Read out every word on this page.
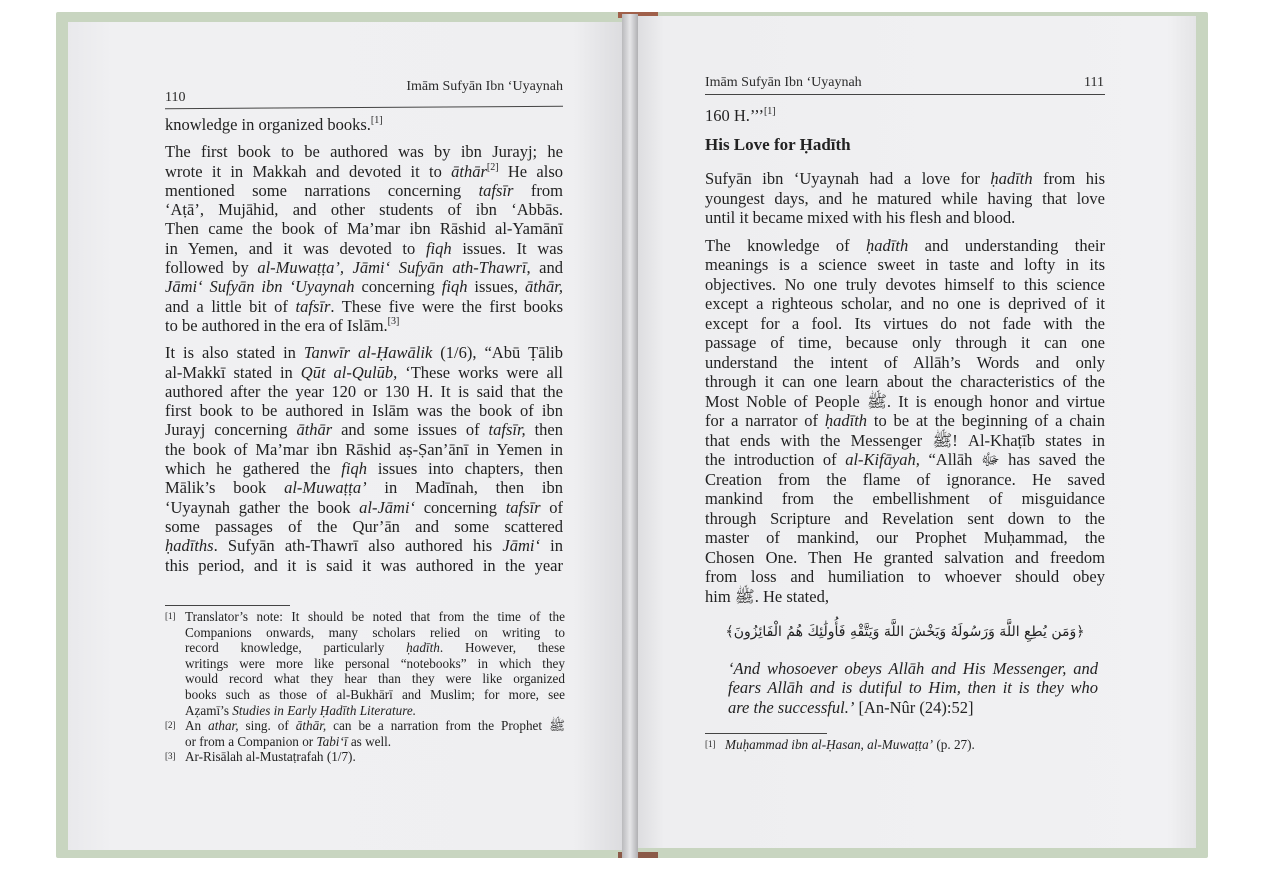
110
Imām Sufyān Ibn ‘Uyaynah
knowledge in organized books.[1]
The first book to be authored was by ibn Jurayj; he
wrote it in Makkah and devoted it to āthār[2] He also
mentioned some narrations concerning tafsīr from
‘Aṭā’, Mujāhid, and other students of ibn ‘Abbās.
Then came the book of Ma’mar ibn Rāshid al-Yamānī
in Yemen, and it was devoted to fiqh issues. It was
followed by al-Muwaṭṭa’, Jāmi‘ Sufyān ath-Thawrī, and
Jāmi‘ Sufyān ibn ‘Uyaynah concerning fiqh issues, āthār,
and a little bit of tafsīr. These five were the first books
to be authored in the era of Islām.[3]
It is also stated in Tanwīr al-Ḥawālik (1/6), “Abū Ṭālib
al-Makkī stated in Qūt al-Qulūb, ‘These works were all
authored after the year 120 or 130 H. It is said that the
first book to be authored in Islām was the book of ibn
Jurayj concerning āthār and some issues of tafsīr, then
the book of Ma’mar ibn Rāshid aṣ-Ṣan’ānī in Yemen in
which he gathered the fiqh issues into chapters, then
Mālik’s book al-Muwaṭṭa’ in Madīnah, then ibn
‘Uyaynah gather the book al-Jāmi‘ concerning tafsīr of
some passages of the Qur’ān and some scattered
ḥadīths. Sufyān ath-Thawrī also authored his Jāmi‘ in
this period, and it is said it was authored in the year
[1] Translator’s note: It should be noted that from the time of the
Companions onwards, many scholars relied on writing to
record knowledge, particularly ḥadīth. However, these
writings were more like personal “notebooks” in which they
would record what they hear than they were like organized
books such as those of al-Bukhārī and Muslim; for more, see
Aẓamī’s Studies in Early Ḥadīth Literature.
[2] An athar, sing. of āthār, can be a narration from the Prophet ﷺ
or from a Companion or Tabi‘ī as well.
[3] Ar-Risālah al-Mustaṭrafah (1/7).
Imām Sufyān Ibn ‘Uyaynah	111
160 H.’’’[1]
His Love for Ḥadīth
Sufyān ibn ‘Uyaynah had a love for ḥadīth from his
youngest days, and he matured while having that love
until it became mixed with his flesh and blood.
The knowledge of ḥadīth and understanding their
meanings is a science sweet in taste and lofty in its
objectives. No one truly devotes himself to this science
except a righteous scholar, and no one is deprived of it
except for a fool. Its virtues do not fade with the
passage of time, because only through it can one
understand the intent of Allāh’s Words and only
through it can one learn about the characteristics of the
Most Noble of People ﷺ. It is enough honor and virtue
for a narrator of ḥadīth to be at the beginning of a chain
that ends with the Messenger ﷺ! Al-Khaṭīb states in
the introduction of al-Kifāyah, “Allāh ﷻ has saved the
Creation from the flame of ignorance. He saved
mankind from the embellishment of misguidance
through Scripture and Revelation sent down to the
master of mankind, our Prophet Muḥammad, the
Chosen One. Then He granted salvation and freedom
from loss and humiliation to whoever should obey
him ﷺ. He stated,
﴿وَمَن يُطِعِ اللَّهَ وَرَسُولَهُ وَيَخْشَ اللَّهَ وَيَتَّقْهِ فَأُولَٰئِكَ هُمُ الْفَائِزُونَ﴾
‘And whosoever obeys Allāh and His Messenger, and
fears Allāh and is dutiful to Him, then it is they who
are the successful.’ [An-Nûr (24):52]
[1] Muḥammad ibn al-Ḥasan, al-Muwaṭṭa’ (p. 27).
